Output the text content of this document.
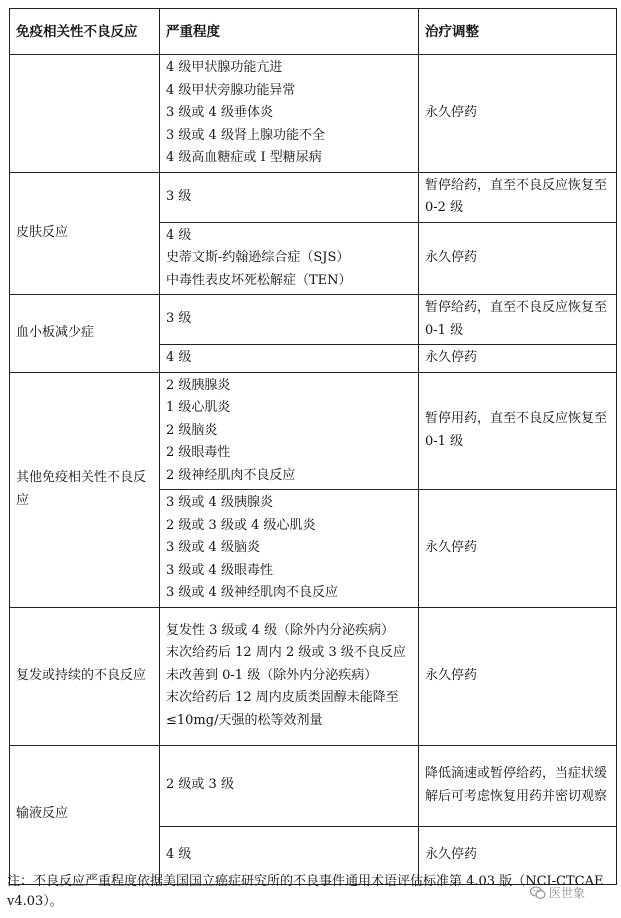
免疫相关性不良反应	严重程度	治疗调整

	4 级甲状腺功能亢进
4 级甲状旁腺功能异常
3 级或 4 级垂体炎
3 级或 4 级肾上腺功能不全
4 级高血糖症或 I 型糖尿病	永久停药
皮肤反应	3 级	暂停给药，直至不良反应恢复至 0-2 级

	4 级
史蒂文斯-约翰逊综合症（SJS）
中毒性表皮坏死松解症（TEN）	永久停药
血小板减少症	3 级	暂停给药，直至不良反应恢复至 0-1 级

	4 级	永久停药
其他免疫相关性不良反应	2 级胰腺炎
1 级心肌炎
2 级脑炎
2 级眼毒性
2 级神经肌肉不良反应	暂停用药，直至不良反应恢复至 0-1 级

	3 级或 4 级胰腺炎
2 级或 3 级或 4 级心肌炎
3 级或 4 级脑炎
3 级或 4 级眼毒性
3 级或 4 级神经肌肉不良反应	永久停药
复发或持续的不良反应	复发性 3 级或 4 级（除外内分泌疾病）
末次给药后 12 周内 2 级或 3 级不良反应未改善到 0-1 级（除外内分泌疾病）
末次给药后 12 周内皮质类固醇未能降至≤10mg/天强的松等效剂量	永久停药
输液反应	2 级或 3 级	降低滴速或暂停给药，当症状缓解后可考虑恢复用药并密切观察

	4 级	永久停药
注：不良反应严重程度依据美国国立癌症研究所的不良事件通用术语评估标准第 4.03 版（NCI-CTCAE v4.03）。
医世象
